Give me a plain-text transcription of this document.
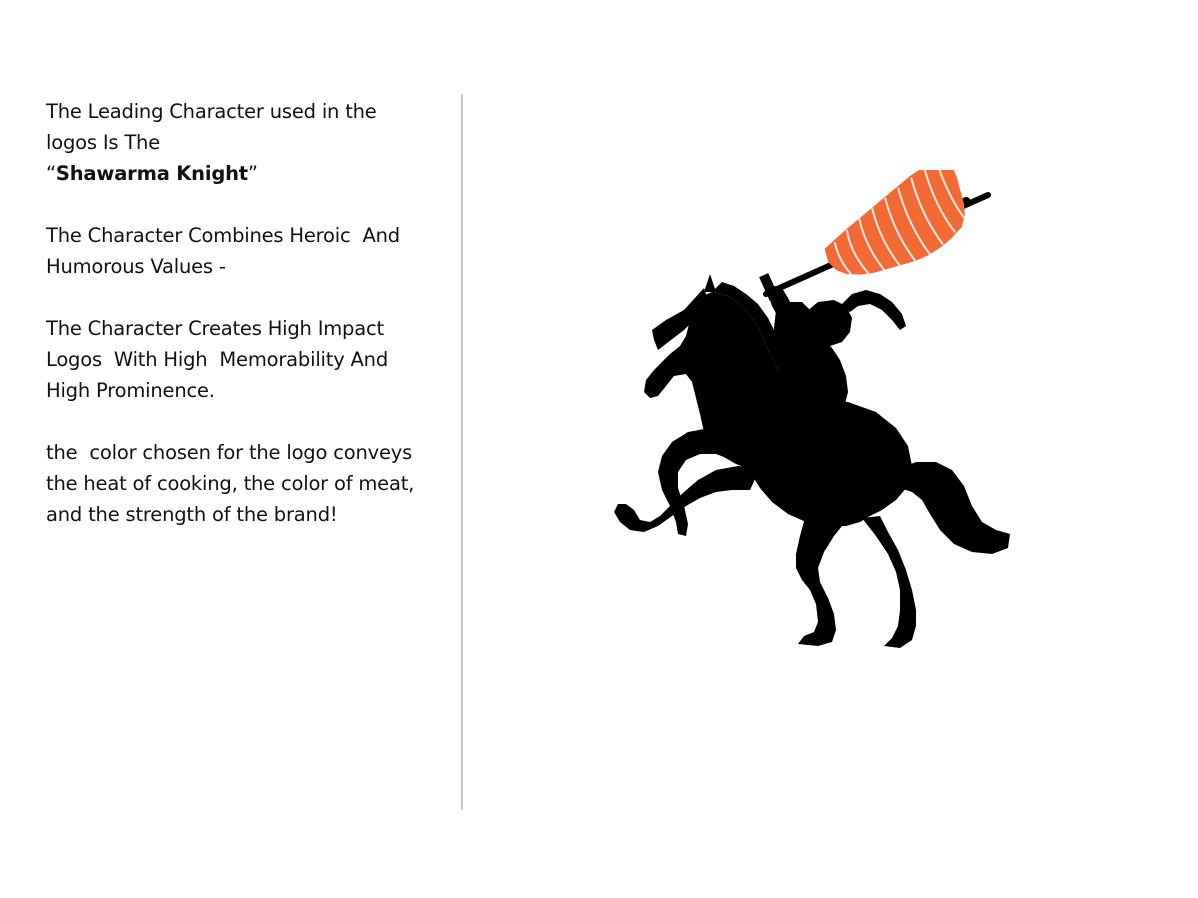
The Leading Character used in the
logos Is The
“Shawarma Knight”

The Character Combines Heroic  And
Humorous Values -

The Character Creates High Impact
Logos  With High  Memorability And
High Prominence.

the  color chosen for the logo conveys
the heat of cooking, the color of meat,
and the strength of the brand!
